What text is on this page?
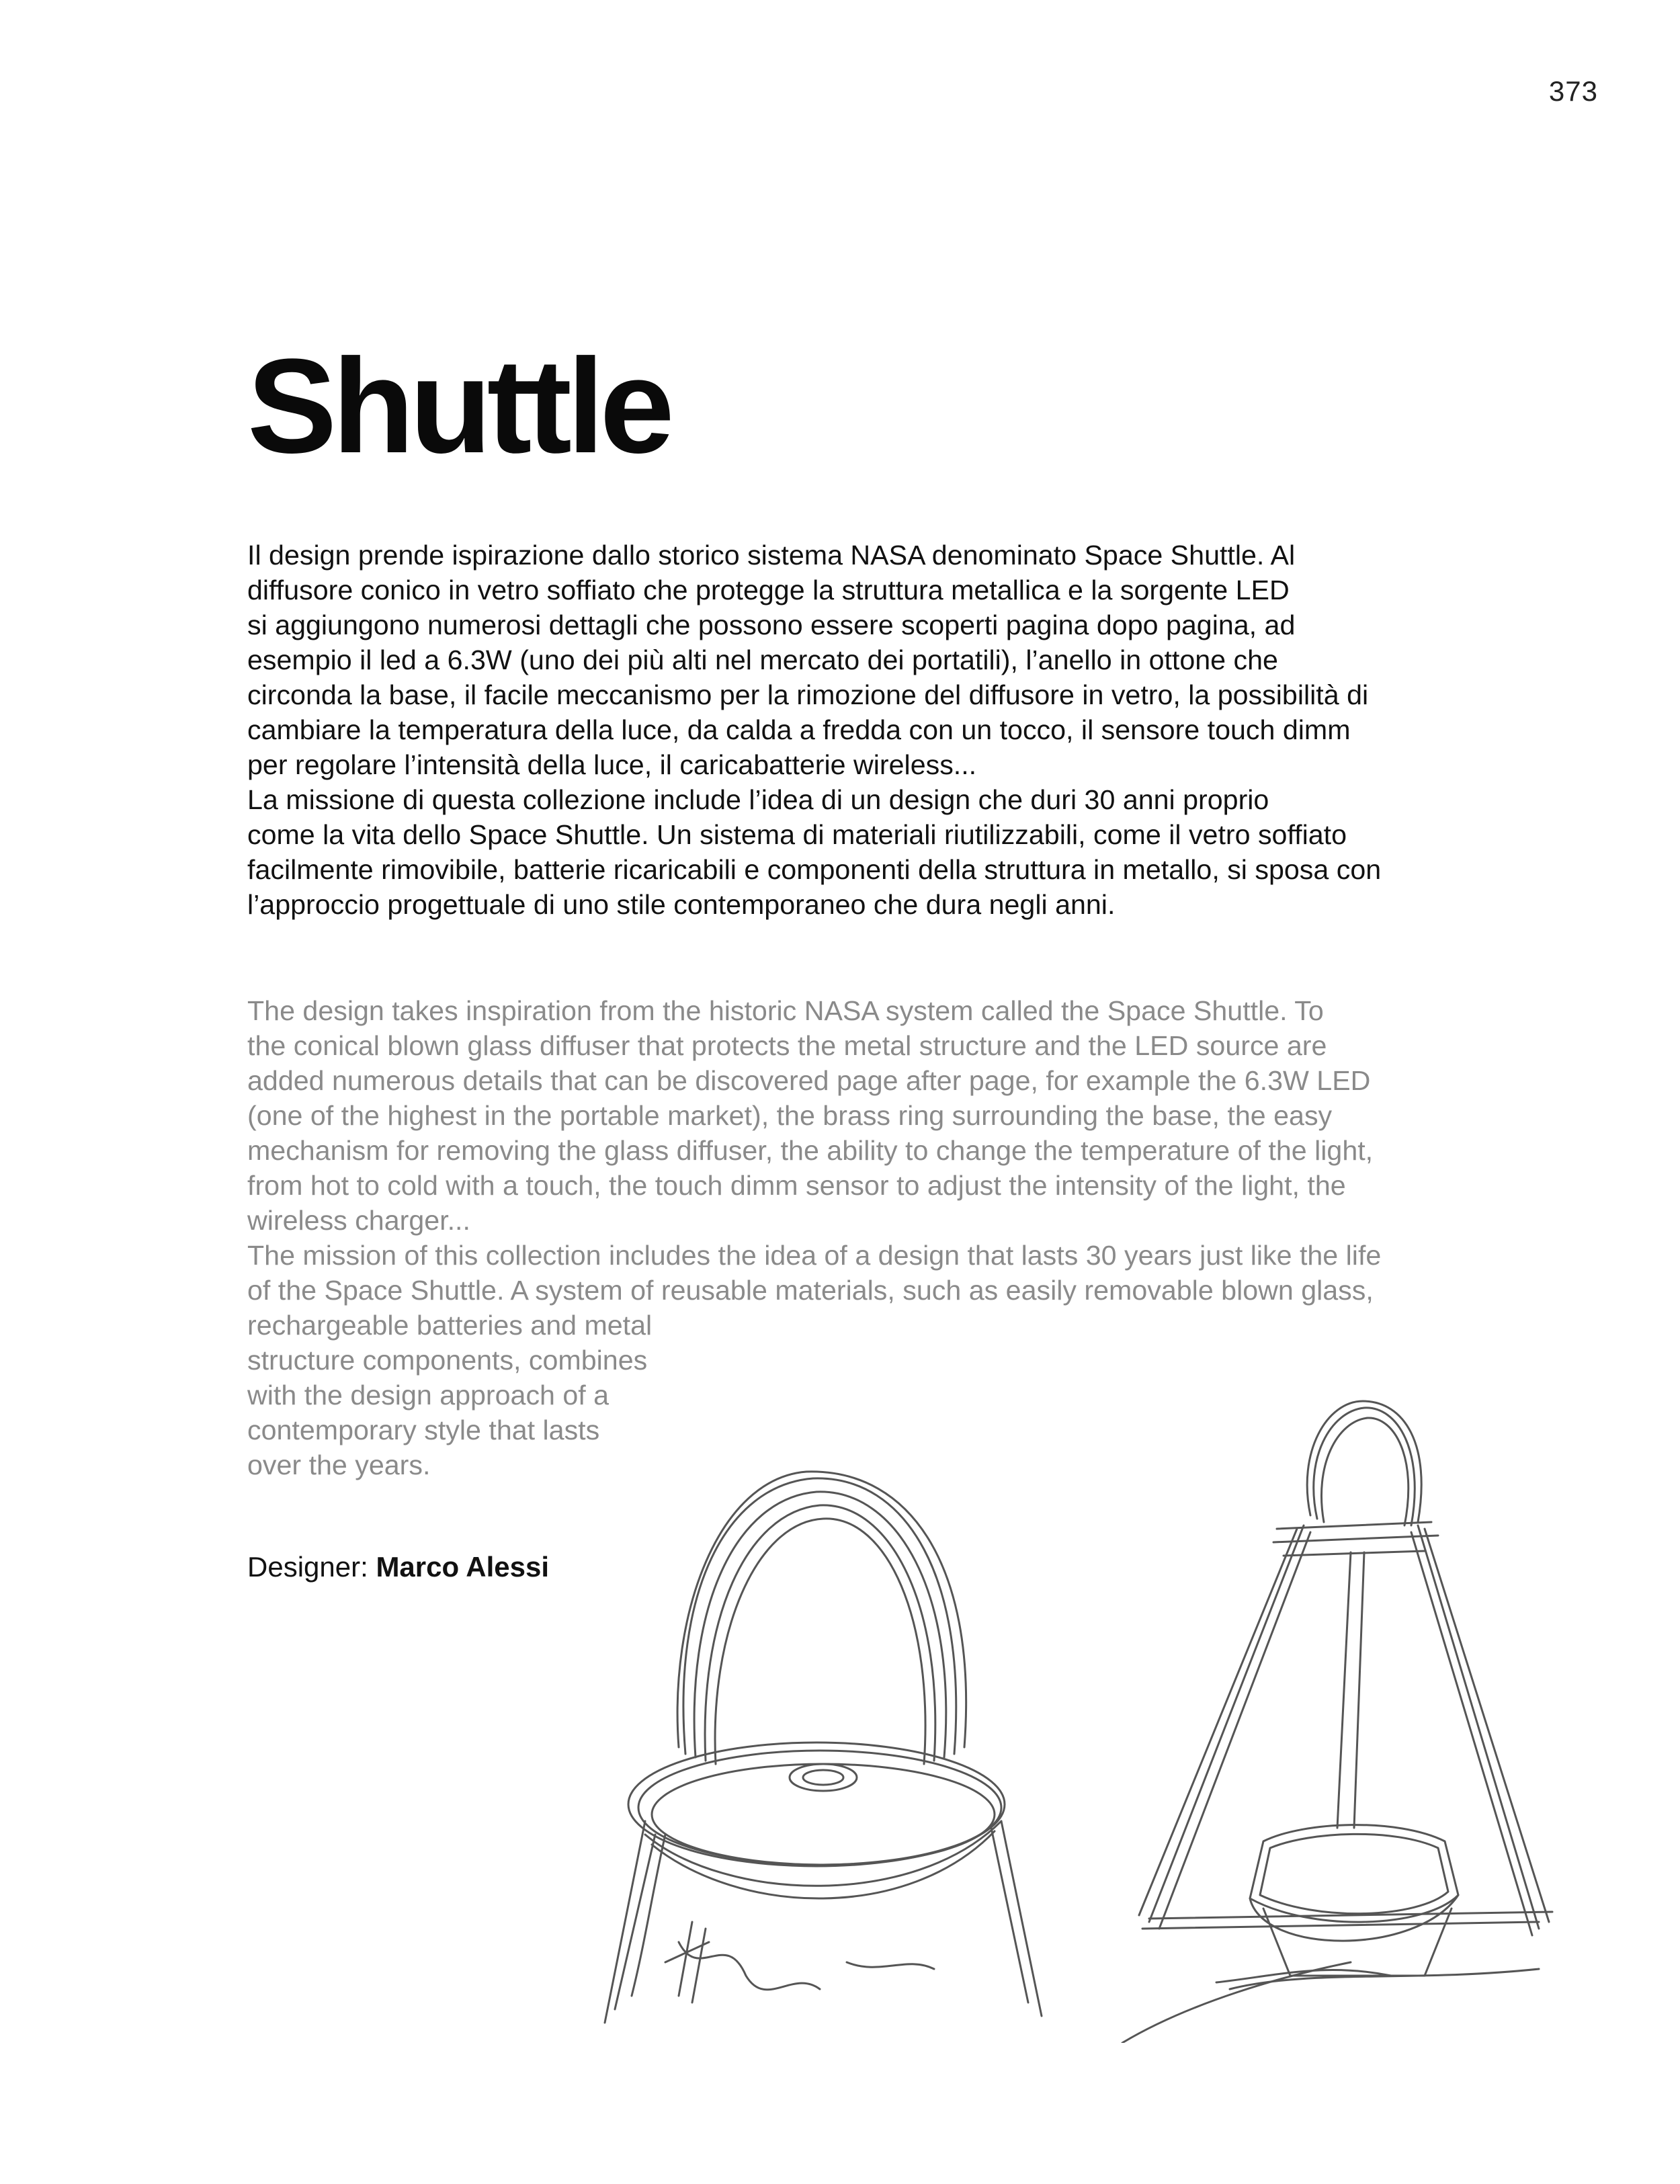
373
Shuttle

Il design prende ispirazione dallo storico sistema NASA denominato Space Shuttle. Al
diffusore conico in vetro soffiato che protegge la struttura metallica e la sorgente LED
si aggiungono numerosi dettagli che possono essere scoperti pagina dopo pagina, ad
esempio il led a 6.3W (uno dei più alti nel mercato dei portatili), l’anello in ottone che
circonda la base, il facile meccanismo per la rimozione del diffusore in vetro, la possibilità di
cambiare la temperatura della luce, da calda a fredda con un tocco, il sensore touch dimm
per regolare l’intensità della luce, il caricabatterie wireless...
La missione di questa collezione include l’idea di un design che duri 30 anni proprio
come la vita dello Space Shuttle. Un sistema di materiali riutilizzabili, come il vetro soffiato
facilmente rimovibile, batterie ricaricabili e componenti della struttura in metallo, si sposa con
l’approccio progettuale di uno stile contemporaneo che dura negli anni.

The design takes inspiration from the historic NASA system called the Space Shuttle. To
the conical blown glass diffuser that protects the metal structure and the LED source are
added numerous details that can be discovered page after page, for example the 6.3W LED
(one of the highest in the portable market), the brass ring surrounding the base, the easy
mechanism for removing the glass diffuser, the ability to change the temperature of the light,
from hot to cold with a touch, the touch dimm sensor to adjust the intensity of the light, the
wireless charger...
The mission of this collection includes the idea of a design that lasts 30 years just like the life
of the Space Shuttle. A system of reusable materials, such as easily removable blown glass,
rechargeable batteries and metal
structure components, combines
with the design approach of a
contemporary style that lasts
over the years.

Designer: Marco Alessi
